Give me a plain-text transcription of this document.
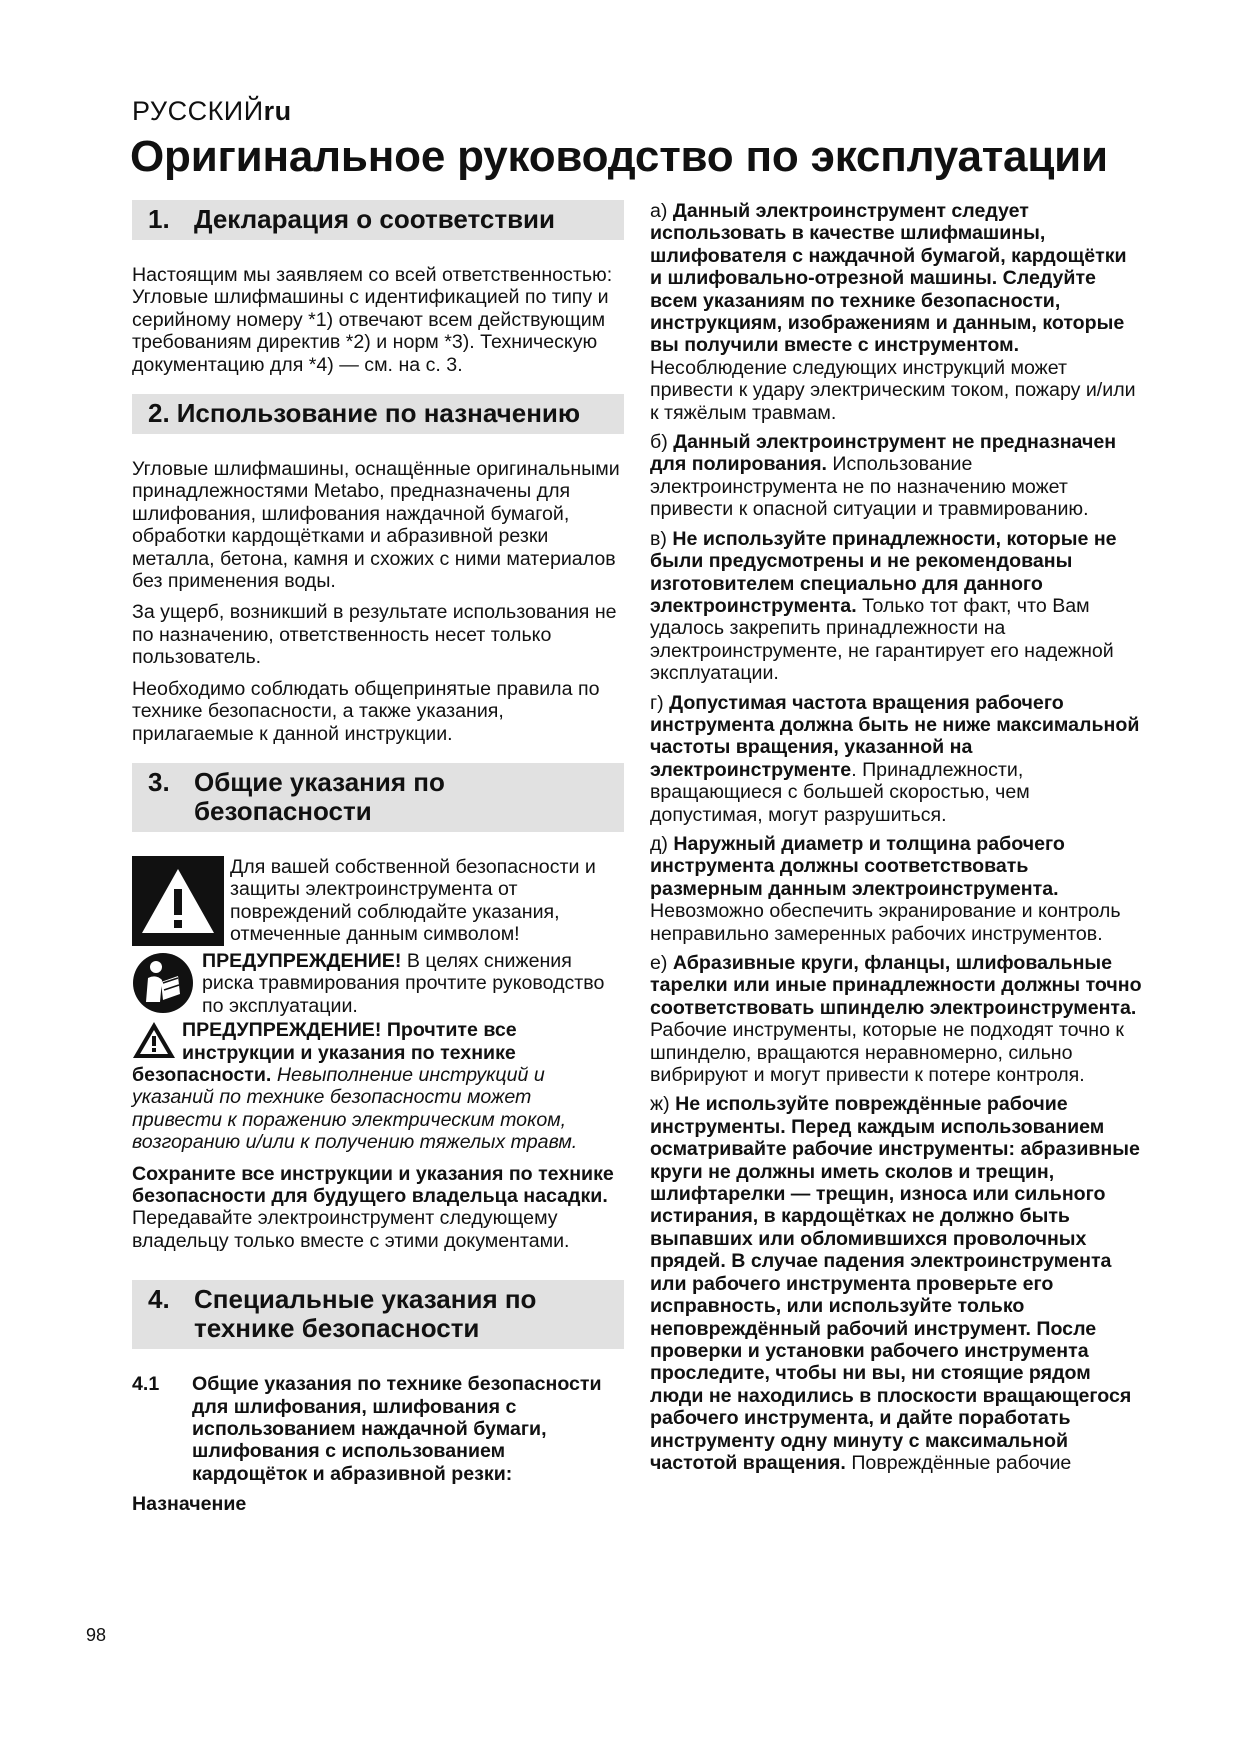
РУССКИЙru
Оригинальное руководство по эксплуатации
1. Декларация о соответствии

Настоящим мы заявляем со всей ответственностью: Угловые шлифмашины с идентификацией по типу и серийному номеру *1) отвечают всем действующим требованиям директив *2) и норм *3). Техническую документацию для *4) — см. на с. 3.

2. Использование по назначению

Угловые шлифмашины, оснащённые оригинальными принадлежностями Metabo, предназначены для шлифования, шлифования наждачной бумагой, обработки кардощётками и абразивной резки металла, бетона, камня и схожих с ними материалов без применения воды.

За ущерб, возникший в результате использования не по назначению, ответственность несет только пользователь.

Необходимо соблюдать общепринятые правила по технике безопасности, а также указания, прилагаемые к данной инструкции.

3. Общие указания по безопасности
Для вашей собственной безопасности и защиты электроинструмента от повреждений соблюдайте указания, отмеченные данным символом!
ПРЕДУПРЕЖДЕНИЕ! В целях снижения риска травмирования прочтите руководство по эксплуатации.

ПРЕДУПРЕЖДЕНИЕ! Прочтите все инструкции и указания по технике безопасности. Невыполнение инструкций и указаний по технике безопасности может привести к поражению электрическим током, возгоранию и/или к получению тяжелых травм.

Сохраните все инструкции и указания по технике безопасности для будущего владельца насадки.
Передавайте электроинструмент следующему владельцу только вместе с этими документами.

4. Специальные указания по технике безопасности
4.1	Общие указания по технике безопасности для шлифования, шлифования с использованием наждачной бумаги, шлифования с использованием кардощёток и абразивной резки:

Назначение

а) Данный электроинструмент следует использовать в качестве шлифмашины, шлифователя с наждачной бумагой, кардощётки и шлифовально-отрезной машины. Следуйте всем указаниям по технике безопасности, инструкциям, изображениям и данным, которые вы получили вместе с инструментом. Несоблюдение следующих инструкций может привести к удару электрическим током, пожару и/или к тяжёлым травмам.

б) Данный электроинструмент не предназначен для полирования. Использование электроинструмента не по назначению может привести к опасной ситуации и травмированию.

в) Не используйте принадлежности, которые не были предусмотрены и не рекомендованы изготовителем специально для данного электроинструмента. Только тот факт, что Вам удалось закрепить принадлежности на электроинструменте, не гарантирует его надежной эксплуатации.

г) Допустимая частота вращения рабочего инструмента должна быть не ниже максимальной частоты вращения, указанной на электроинструменте. Принадлежности, вращающиеся с большей скоростью, чем допустимая, могут разрушиться.

д) Наружный диаметр и толщина рабочего инструмента должны соответствовать размерным данным электроинструмента. Невозможно обеспечить экранирование и контроль неправильно замеренных рабочих инструментов.

е) Абразивные круги, фланцы, шлифовальные тарелки или иные принадлежности должны точно соответствовать шпинделю электроинструмента. Рабочие инструменты, которые не подходят точно к шпинделю, вращаются неравномерно, сильно вибрируют и могут привести к потере контроля.

ж) Не используйте повреждённые рабочие инструменты. Перед каждым использованием осматривайте рабочие инструменты: абразивные круги не должны иметь сколов и трещин, шлифтарелки — трещин, износа или сильного истирания, в кардощётках не должно быть выпавших или обломившихся проволочных прядей. В случае падения электроинструмента или рабочего инструмента проверьте его исправность, или используйте только неповреждённый рабочий инструмент. После проверки и установки рабочего инструмента проследите, чтобы ни вы, ни стоящие рядом люди не находились в плоскости вращающегося рабочего инструмента, и дайте поработать инструменту одну минуту с максимальной частотой вращения. Повреждённые рабочие

98
